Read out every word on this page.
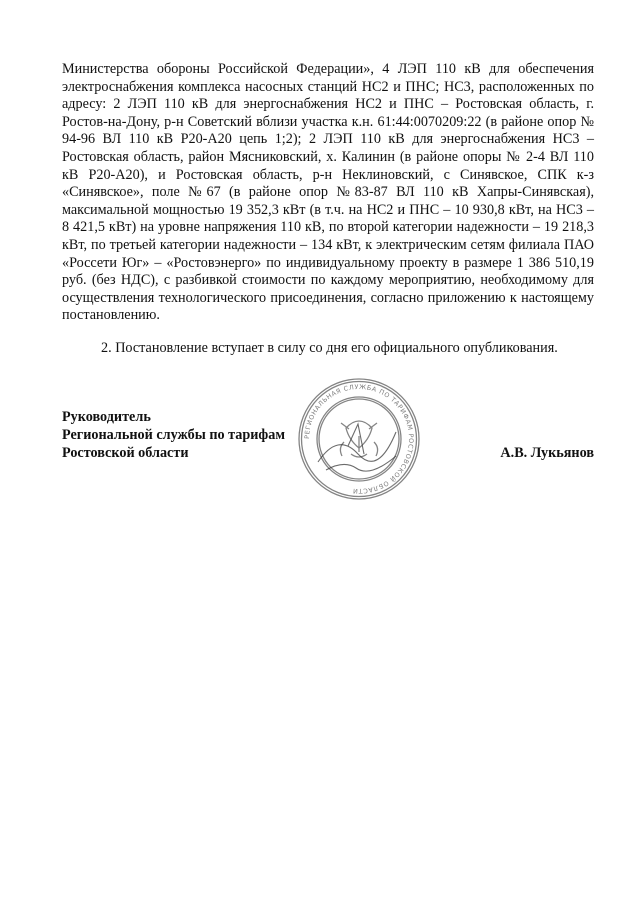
Министерства обороны Российской Федерации», 4 ЛЭП 110 кВ для обеспечения электроснабжения комплекса насосных станций НС2 и ПНС; НС3, расположенных по адресу: 2 ЛЭП 110 кВ для энергоснабжения НС2 и ПНС – Ростовская область, г. Ростов-на-Дону, р-н Советский вблизи участка к.н. 61:44:0070209:22 (в районе опор № 94-96 ВЛ 110 кВ Р20-А20 цепь 1;2); 2 ЛЭП 110 кВ для энергоснабжения НС3 – Ростовская область, район Мясниковский, х. Калинин (в районе опоры № 2-4 ВЛ 110 кВ Р20-А20), и Ростовская область, р-н Неклиновский, с Синявское, СПК к-з «Синявское», поле №67 (в районе опор №83-87 ВЛ 110 кВ Хапры-Синявская), максимальной мощностью 19 352,3 кВт (в т.ч. на НС2 и ПНС – 10 930,8 кВт, на НС3 – 8 421,5 кВт) на уровне напряжения 110 кВ, по второй категории надежности – 19 218,3 кВт, по третьей категории надежности – 134 кВт, к электрическим сетям филиала ПАО «Россети Юг» – «Ростовэнерго» по индивидуальному проекту в размере 1 386 510,19 руб. (без НДС), с разбивкой стоимости по каждому мероприятию, необходимому для осуществления технологического присоединения, согласно приложению к настоящему постановлению.

2. Постановление вступает в силу со дня его официального опубликования.

Руководитель
Региональной службы по тарифам
Ростовской области	А.В. Лукьянов
РЕГИОНАЛЬНАЯ СЛУЖБА ПО ТАРИФАМ РОСТОВСКОЙ ОБЛАСТИ
